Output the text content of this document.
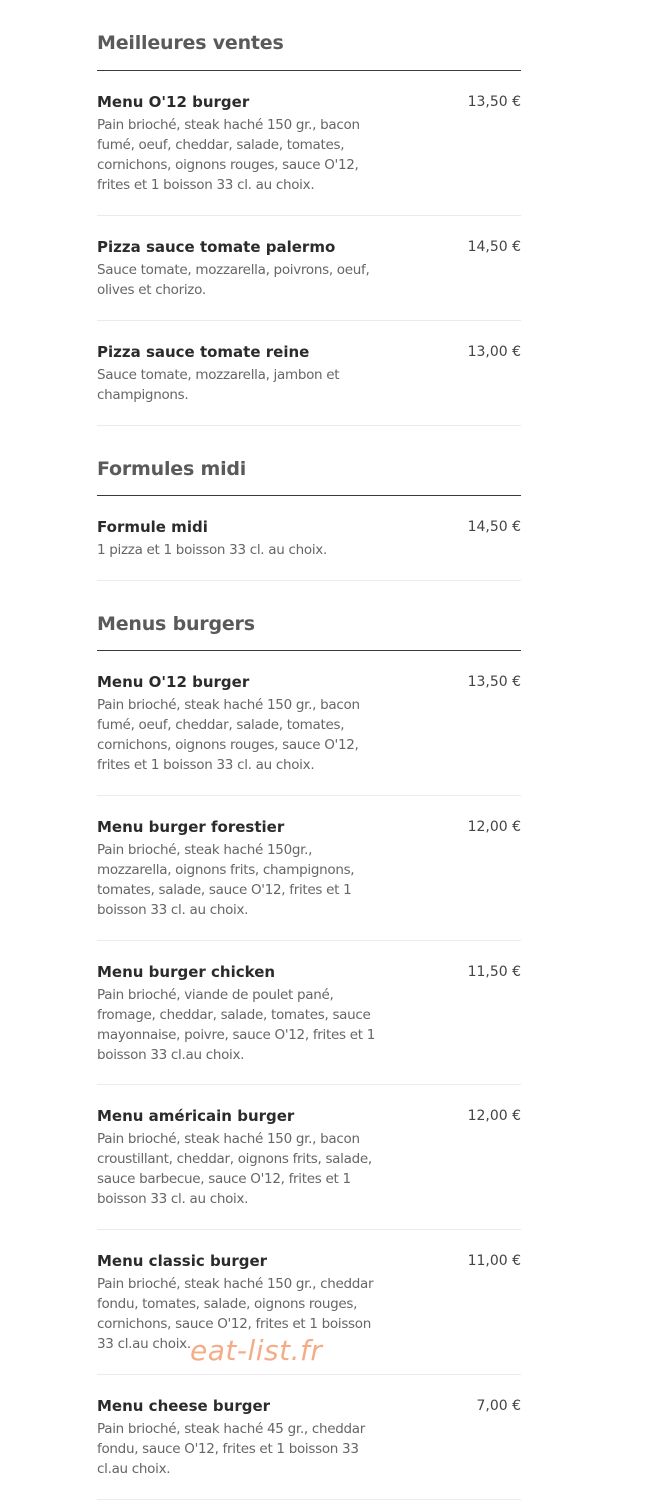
Meilleures ventes
Menu O'12 burger	13,50 €
Pain brioché, steak haché 150 gr., bacon fumé, oeuf, cheddar, salade, tomates, cornichons, oignons rouges, sauce O'12, frites et 1 boisson 33 cl. au choix.
Pizza sauce tomate palermo	14,50 €
Sauce tomate, mozzarella, poivrons, oeuf, olives et chorizo.
Pizza sauce tomate reine	13,00 €
Sauce tomate, mozzarella, jambon et champignons.
Formules midi
Formule midi	14,50 €
1 pizza et 1 boisson 33 cl. au choix.
Menus burgers
Menu O'12 burger	13,50 €
Pain brioché, steak haché 150 gr., bacon fumé, oeuf, cheddar, salade, tomates, cornichons, oignons rouges, sauce O'12, frites et 1 boisson 33 cl. au choix.
Menu burger forestier	12,00 €
Pain brioché, steak haché 150gr., mozzarella, oignons frits, champignons, tomates, salade, sauce O'12, frites et 1 boisson 33 cl. au choix.
Menu burger chicken	11,50 €
Pain brioché, viande de poulet pané, fromage, cheddar, salade, tomates, sauce mayonnaise, poivre, sauce O'12, frites et 1 boisson 33 cl.au choix.
Menu américain burger	12,00 €
Pain brioché, steak haché 150 gr., bacon croustillant, cheddar, oignons frits, salade, sauce barbecue, sauce O'12, frites et 1 boisson 33 cl. au choix.
Menu classic burger	11,00 €
Pain brioché, steak haché 150 gr., cheddar fondu, tomates, salade, oignons rouges, cornichons, sauce O'12, frites et 1 boisson 33 cl.au choix.
Menu cheese burger	7,00 €
Pain brioché, steak haché 45 gr., cheddar fondu, sauce O'12, frites et 1 boisson 33 cl.au choix.
eat-list.fr
